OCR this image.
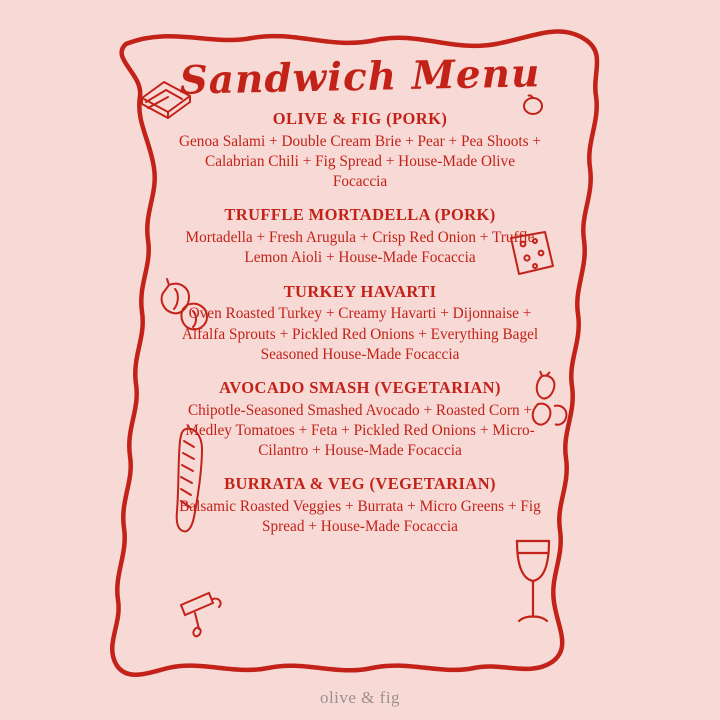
Sandwich Menu
OLIVE & FIG (PORK)
Genoa Salami + Double Cream Brie + Pear + Pea Shoots + Calabrian Chili + Fig Spread + House-Made Olive Focaccia
TRUFFLE MORTADELLA (PORK)
Mortadella + Fresh Arugula + Crisp Red Onion + Truffle Lemon Aioli + House-Made Focaccia
TURKEY HAVARTI
Oven Roasted Turkey + Creamy Havarti + Dijonnaise + Alfalfa Sprouts + Pickled Red Onions + Everything Bagel Seasoned House-Made Focaccia
AVOCADO SMASH (VEGETARIAN)
Chipotle-Seasoned Smashed Avocado + Roasted Corn + Medley Tomatoes + Feta + Pickled Red Onions + Micro-Cilantro + House-Made Focaccia
BURRATA & VEG (VEGETARIAN)
Balsamic Roasted Veggies + Burrata + Micro Greens + Fig Spread + House-Made Focaccia
olive & fig
